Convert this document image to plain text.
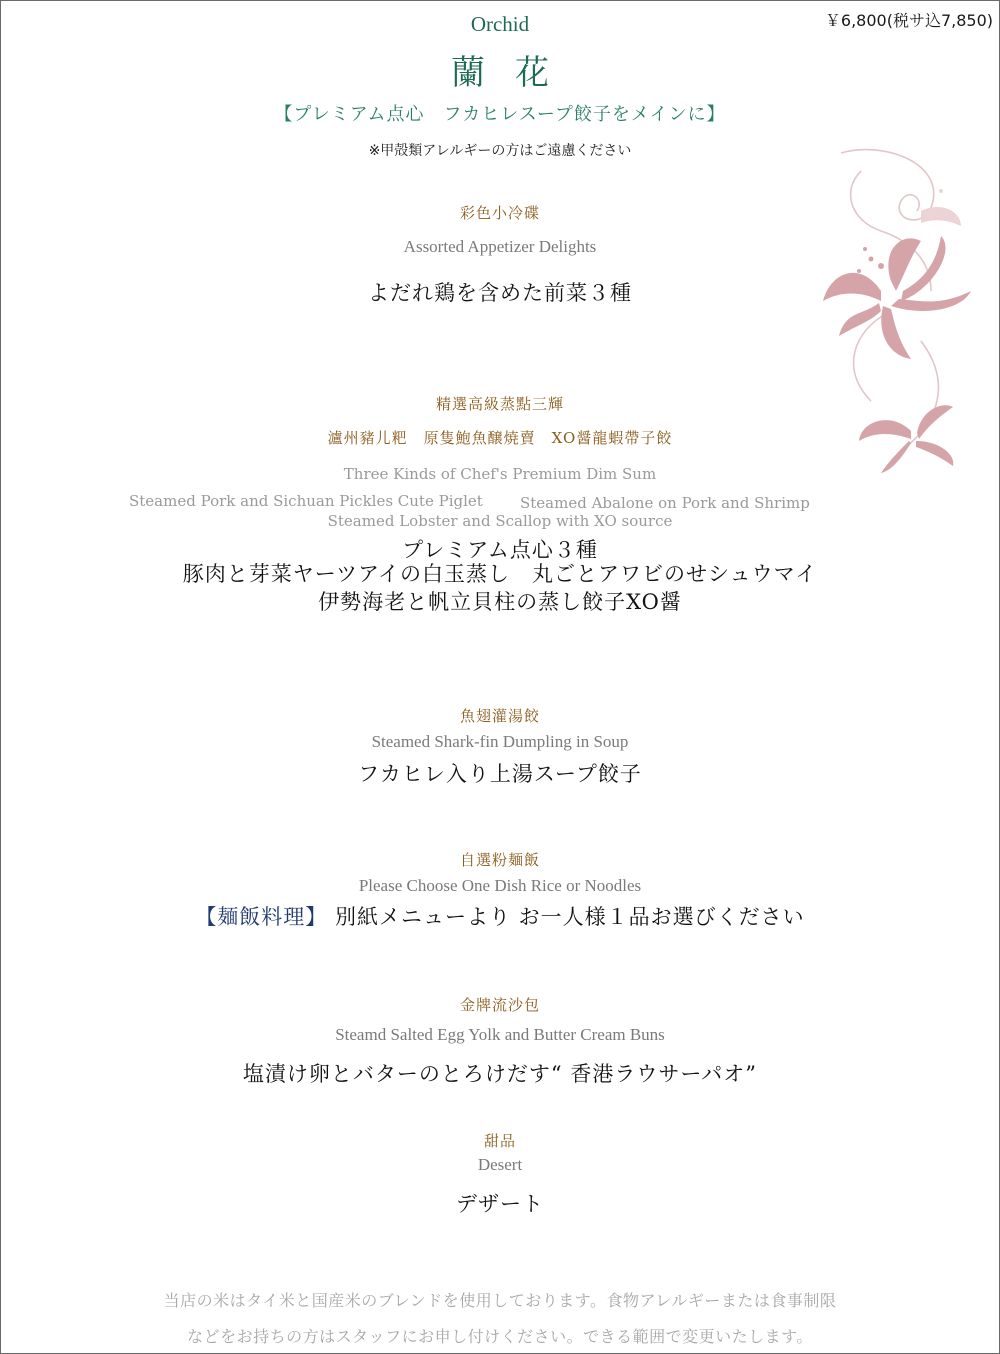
￥6,800(税サ込7,850)
Orchid
蘭花
【プレミアム点心　フカヒレスープ餃子をメインに】
※甲殻類アレルギーの方はご遠慮ください
彩色小冷碟
Assorted Appetizer Delights
よだれ鶏を含めた前菜３種
精選高級蒸點三輝
瀘州豬儿粑　原隻鮑魚醸焼賣　XO醤龍蝦帶子餃
Three Kinds of Chef's Premium Dim Sum
Steamed Pork and Sichuan Pickles Cute Piglet Steamed Abalone on Pork and Shrimp
Steamed Lobster and Scallop with XO source
プレミアム点心３種
豚肉と芽菜ヤーツアイの白玉蒸し　丸ごとアワビのせシュウマイ
伊勢海老と帆立貝柱の蒸し餃子XO醤
魚翅灌湯餃
Steamed Shark-fin Dumpling in Soup
フカヒレ入り上湯スープ餃子
自選粉麺飯
Please Choose One Dish Rice or Noodles
【麺飯料理】 別紙メニューより お一人様１品お選びください
金牌流沙包
Steamd Salted Egg Yolk and Butter Cream Buns
塩漬け卵とバターのとろけだす“ 香港ラウサーパオ”
甜品
Desert
デザート
当店の米はタイ米と国産米のブレンドを使用しております。食物アレルギーまたは食事制限
などをお持ちの方はスタッフにお申し付けください。できる範囲で変更いたします。
